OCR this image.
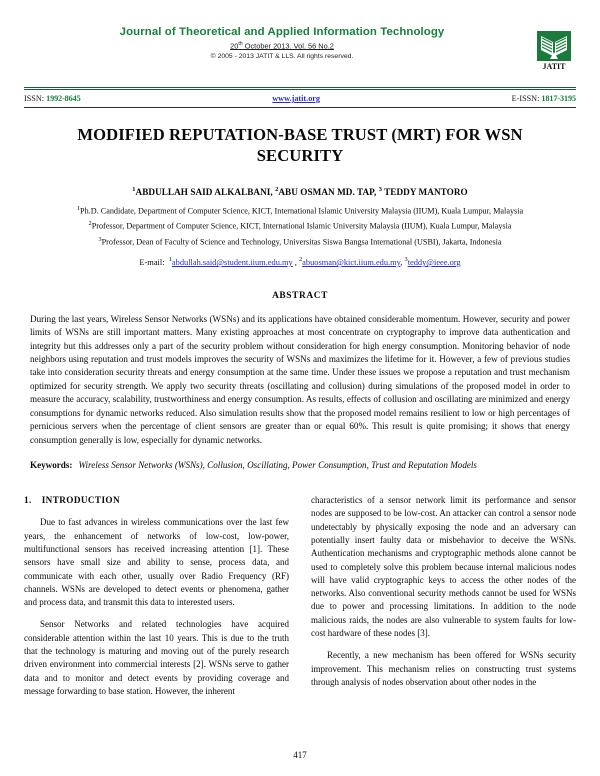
Journal of Theoretical and Applied Information Technology
20th October 2013. Vol. 56 No.2
© 2005 - 2013 JATIT & LLS. All rights reserved.
JATIT
ISSN: 1992-8645	www.jatit.org	E-ISSN: 1817-3195
MODIFIED REPUTATION-BASE TRUST (MRT) FOR WSN SECURITY
$^1$ABDULLAH SAID ALKALBANI, $^2$ABU OSMAN MD. TAP, $^3$ TEDDY MANTORO
$^1$Ph.D. Candidate, Department of Computer Science, KICT, International Islamic University Malaysia (IIUM), Kuala Lumpur, Malaysia
$^2$Professor, Department of Computer Science, KICT, International Islamic University Malaysia (IIUM), Kuala Lumpur, Malaysia
$^3$Professor, Dean of Faculty of Science and Technology, Universitas Siswa Bangsa International (USBI), Jakarta, Indonesia
E-mail: $^1$abdullah.said@student.iium.edu.my , $^2$abuosman@kict.iium.edu.my, $^3$teddy@ieee.org
ABSTRACT
During the last years, Wireless Sensor Networks (WSNs) and its applications have obtained considerable momentum. However, security and power limits of WSNs are still important matters. Many existing approaches at most concentrate on cryptography to improve data authentication and integrity but this addresses only a part of the security problem without consideration for high energy consumption. Monitoring behavior of node neighbors using reputation and trust models improves the security of WSNs and maximizes the lifetime for it. However, a few of previous studies take into consideration security threats and energy consumption at the same time. Under these issues we propose a reputation and trust mechanism optimized for security strength. We apply two security threats (oscillating and collusion) during simulations of the proposed model in order to measure the accuracy, scalability, trustworthiness and energy consumption. As results, effects of collusion and oscillating are minimized and energy consumptions for dynamic networks reduced. Also simulation results show that the proposed model remains resilient to low or high percentages of pernicious servers when the percentage of client sensors are greater than or equal 60%. This result is quite promising; it shows that energy consumption generally is low, especially for dynamic networks.
Keywords: Wireless Sensor Networks (WSNs), Collusion, Oscillating, Power Consumption, Trust and Reputation Models
1. INTRODUCTION

Due to fast advances in wireless communications over the last few years, the enhancement of networks of low-cost, low-power, multifunctional sensors has received increasing attention [1]. These sensors have small size and ability to sense, process data, and communicate with each other, usually over Radio Frequency (RF) channels. WSNs are developed to detect events or phenomena, gather and process data, and transmit this data to interested users.

Sensor Networks and related technologies have acquired considerable attention within the last 10 years. This is due to the truth that the technology is maturing and moving out of the purely research driven environment into commercial interests [2]. WSNs serve to gather data and to monitor and detect events by providing coverage and message forwarding to base station. However, the inherent

characteristics of a sensor network limit its performance and sensor nodes are supposed to be low-cost. An attacker can control a sensor node undetectably by physically exposing the node and an adversary can potentially insert faulty data or misbehavior to deceive the WSNs. Authentication mechanisms and cryptographic methods alone cannot be used to completely solve this problem because internal malicious nodes will have valid cryptographic keys to access the other nodes of the networks. Also conventional security methods cannot be used for WSNs due to power and processing limitations. In addition to the node malicious raids, the nodes are also vulnerable to system faults for low-cost hardware of these nodes [3].

Recently, a new mechanism has been offered for WSNs security improvement. This mechanism relies on constructing trust systems through analysis of nodes observation about other nodes in the

417
